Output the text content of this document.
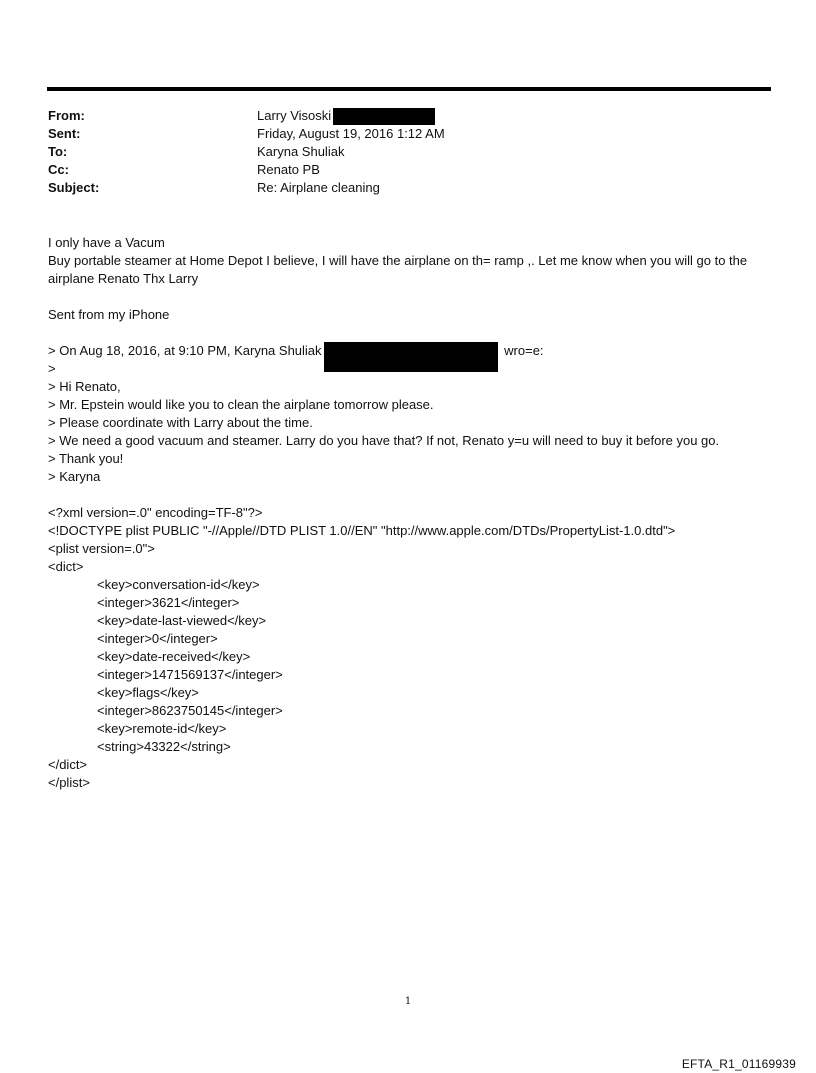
From:	Larry Visoski
Sent:	Friday, August 19, 2016 1:12 AM
To:	Karyna Shuliak
Cc:	Renato PB
Subject:	Re: Airplane cleaning
I only have a Vacum
Buy portable steamer at Home Depot I believe, I will have the airplane on th= ramp ,. Let me know when you will go to the airplane Renato Thx Larry
Sent from my iPhone
> On Aug 18, 2016, at 9:10 PM, Karyna Shuliak	wro=e:
>
> Hi Renato,
> Mr. Epstein would like you to clean the airplane tomorrow please.
> Please coordinate with Larry about the time.
> We need a good vacuum and steamer. Larry do you have that? If not, Renato y=u will need to buy it before you go.
> Thank you!
> Karyna
<?xml version=.0" encoding=TF-8"?>
<!DOCTYPE plist PUBLIC "-//Apple//DTD PLIST 1.0//EN" "http://www.apple.com/DTDs/PropertyList-1.0.dtd">
<plist version=.0">
<dict>
<key>conversation-id</key>
<integer>3621</integer>
<key>date-last-viewed</key>
<integer>0</integer>
<key>date-received</key>
<integer>1471569137</integer>
<key>flags</key>
<integer>8623750145</integer>
<key>remote-id</key>
<string>43322</string>
</dict>
</plist>
1
EFTA_R1_01169939
